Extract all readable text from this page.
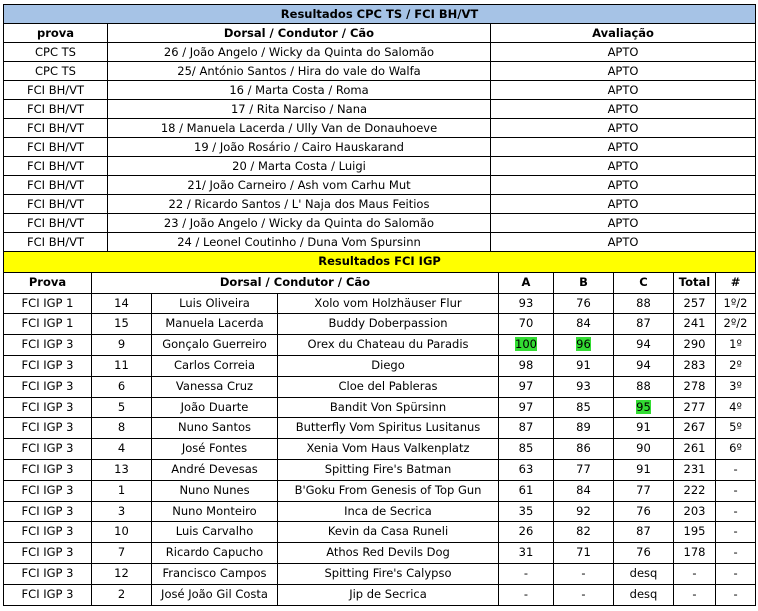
Resultados CPC TS / FCI BH/VT		
prova	Dorsal / Condutor / Cão	Avaliação
CPC TS	26 / João Angelo / Wicky da Quinta do Salomão	APTO
CPC TS	25/ António Santos / Hira do vale do Walfa	APTO
FCI BH/VT	16 / Marta Costa / Roma	APTO
FCI BH/VT	17 / Rita Narciso / Nana	APTO
FCI BH/VT	18 / Manuela Lacerda / Ully Van de Donauhoeve	APTO
FCI BH/VT	19 / João Rosário / Cairo Hauskarand	APTO
FCI BH/VT	20 / Marta Costa / Luigi	APTO
FCI BH/VT	21/ João Carneiro / Ash vom Carhu Mut	APTO
FCI BH/VT	22 / Ricardo Santos / L' Naja dos Maus Feitios	APTO
FCI BH/VT	23 / João Angelo / Wicky da Quinta do Salomão	APTO
FCI BH/VT	24 / Leonel Coutinho / Duna Vom Spursinn	APTO
Resultados FCI IGP								
Prova	Dorsal / Condutor / Cão			A	B	C	Total	#
FCI IGP 1	14	Luis Oliveira	Xolo vom Holzhäuser Flur	93	76	88	257	1º/2
FCI IGP 1	15	Manuela Lacerda	Buddy Doberpassion	70	84	87	241	2º/2
FCI IGP 3	9	Gonçalo Guerreiro	Orex du Chateau du Paradis	100	96	94	290	1º
FCI IGP 3	11	Carlos Correia	Diego	98	91	94	283	2º
FCI IGP 3	6	Vanessa Cruz	Cloe del Pableras	97	93	88	278	3º
FCI IGP 3	5	João Duarte	Bandit Von Spürsinn	97	85	95	277	4º
FCI IGP 3	8	Nuno Santos	Butterfly Vom Spiritus Lusitanus	87	89	91	267	5º
FCI IGP 3	4	José Fontes	Xenia Vom Haus Valkenplatz	85	86	90	261	6º
FCI IGP 3	13	André Devesas	Spitting Fire's Batman	63	77	91	231	-
FCI IGP 3	1	Nuno Nunes	B'Goku From Genesis of Top Gun	61	84	77	222	-
FCI IGP 3	3	Nuno Monteiro	Inca de Secrica	35	92	76	203	-
FCI IGP 3	10	Luis Carvalho	Kevin da Casa Runeli	26	82	87	195	-
FCI IGP 3	7	Ricardo Capucho	Athos Red Devils Dog	31	71	76	178	-
FCI IGP 3	12	Francisco Campos	Spitting Fire's Calypso	-	-	desq	-	-
FCI IGP 3	2	José João Gil Costa	Jip de Secrica	-	-	desq	-	-
